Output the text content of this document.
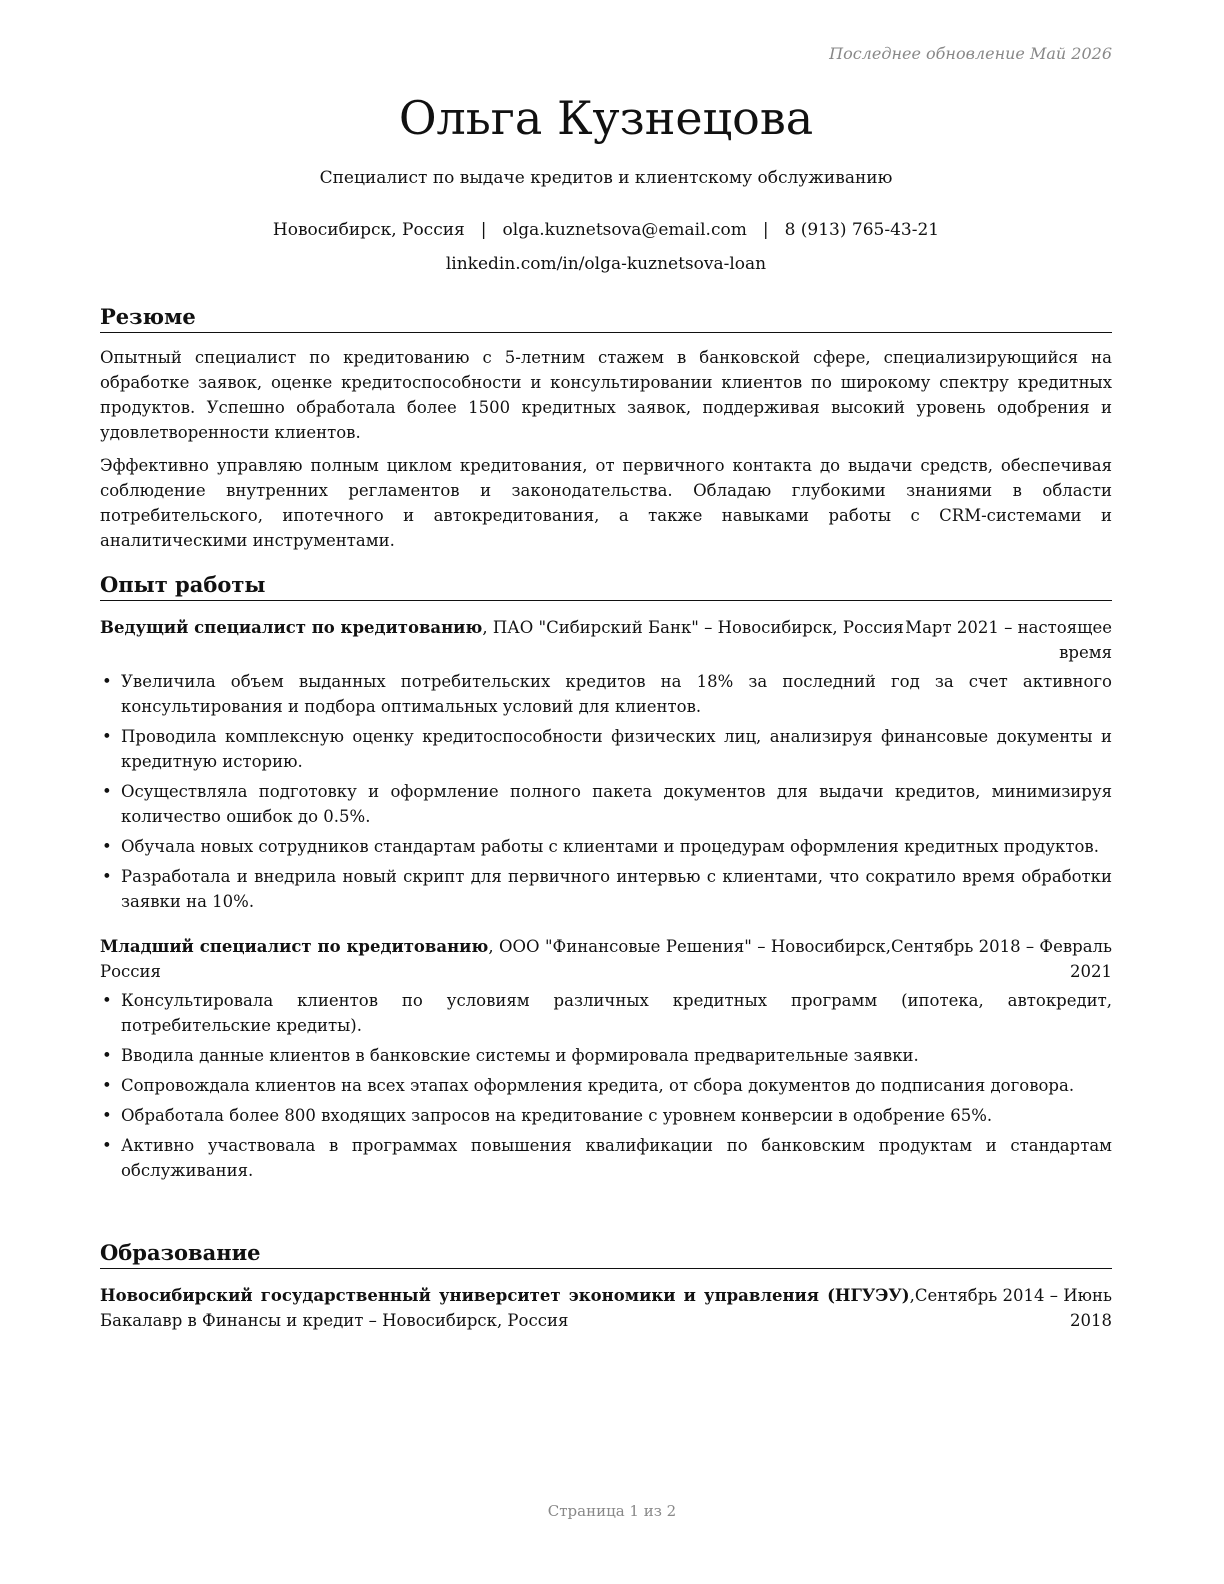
Последнее обновление Май 2026
Ольга Кузнецова
Специалист по выдаче кредитов и клиентскому обслуживанию
Новосибирск, Россия | olga.kuznetsova@email.com | 8 (913) 765-43-21
linkedin.com/in/olga-kuznetsova-loan
Резюме

Опытный специалист по кредитованию с 5-летним стажем в банковской сфере, специализирующийся на обработке заявок, оценке кредитоспособности и консультировании клиентов по широкому спектру кредитных продуктов. Успешно обработала более 1500 кредитных заявок, поддерживая высокий уровень одобрения и удовлетворенности клиентов.

Эффективно управляю полным циклом кредитования, от первичного контакта до выдачи средств, обеспечивая соблюдение внутренних регламентов и законодательства. Обладаю глубокими знаниями в области потребительского, ипотечного и автокредитования, а также навыками работы с CRM-системами и аналитическими инструментами.

Опыт работы
Ведущий специалист по кредитованию, ПАО "Сибирский Банк" – Новосибирск, Россия Март 2021 – настоящее
время
• Увеличила объем выданных потребительских кредитов на 18% за последний год за счет активного консультирования и подбора оптимальных условий для клиентов.
• Проводила комплексную оценку кредитоспособности физических лиц, анализируя финансовые документы и кредитную историю.
• Осуществляла подготовку и оформление полного пакета документов для выдачи кредитов, минимизируя количество ошибок до 0.5%.
• Обучала новых сотрудников стандартам работы с клиентами и процедурам оформления кредитных продуктов.
• Разработала и внедрила новый скрипт для первичного интервью с клиентами, что сократило время обработки заявки на 10%.
Младший специалист по кредитованию, ООО "Финансовые Решения" – Новосибирск, Россия
Сентябрь 2018 – Февраль
2021
• Консультировала клиентов по условиям различных кредитных программ (ипотека, автокредит, потребительские кредиты).
• Вводила данные клиентов в банковские системы и формировала предварительные заявки.
• Сопровождала клиентов на всех этапах оформления кредита, от сбора документов до подписания договора.
• Обработала более 800 входящих запросов на кредитование с уровнем конверсии в одобрение 65%.
• Активно участвовала в программах повышения квалификации по банковским продуктам и стандартам обслуживания.
Образование
Новосибирский государственный университет экономики и управления (НГУЭУ), Бакалавр в Финансы и кредит – Новосибирск, Россия
Сентябрь 2014 – Июнь
2018
Страница 1 из 2
